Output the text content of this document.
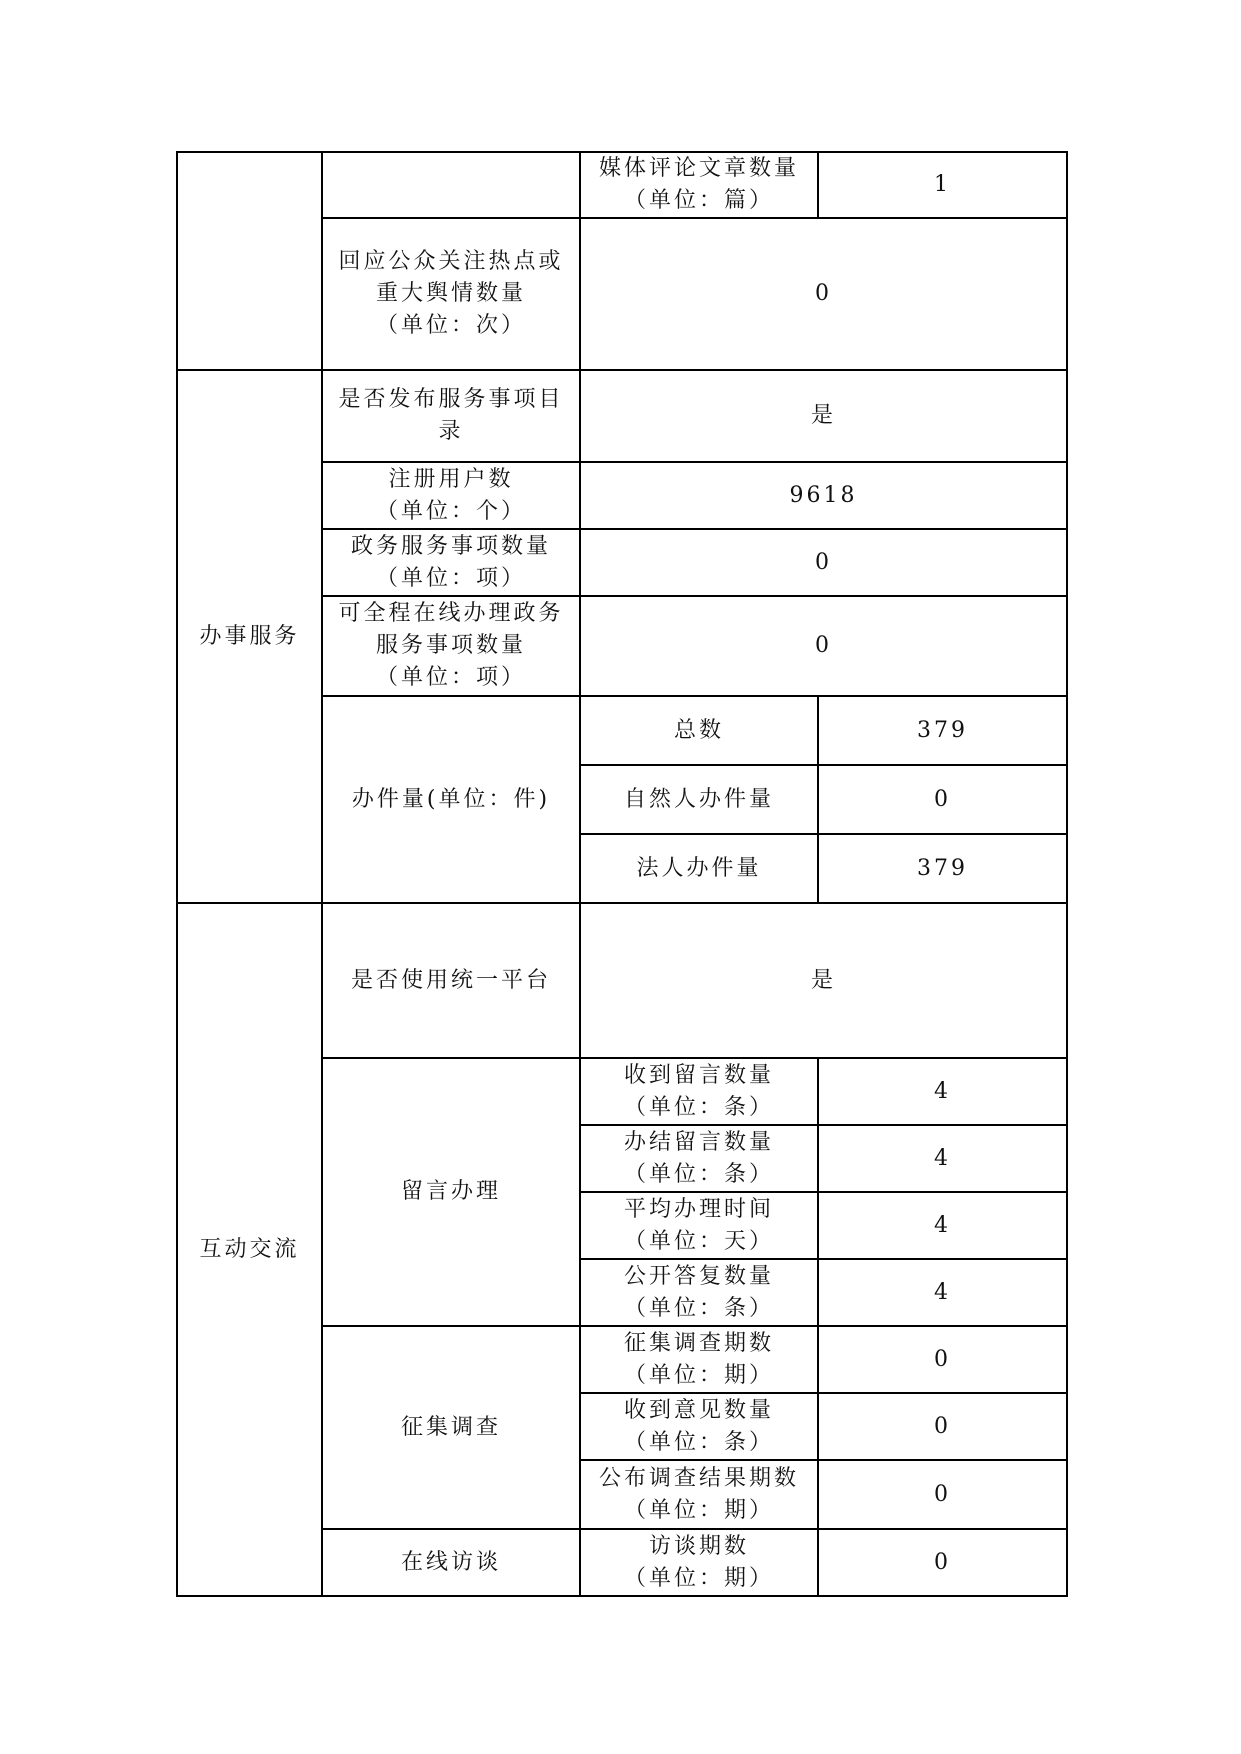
		媒体评论文章数量
（单位：篇）	1
	回应公众关注热点或
重大舆情数量
（单位：次）	0	
办事服务	是否发布服务事项目
录	是	
	注册用户数
（单位：个）	9618	
	政务服务事项数量
（单位：项）	0	
	可全程在线办理政务
服务事项数量
（单位：项）	0	
	办件量(单位：件)	总数	379
		自然人办件量	0
		法人办件量	379
互动交流	是否使用统一平台	是	
	留言办理	收到留言数量
（单位：条）	4
		办结留言数量
（单位：条）	4
		平均办理时间
（单位：天）	4
		公开答复数量
（单位：条）	4
	征集调查	征集调查期数
（单位：期）	0
		收到意见数量
（单位：条）	0
		公布调查结果期数
（单位：期）	0
	在线访谈	访谈期数
（单位：期）	0
